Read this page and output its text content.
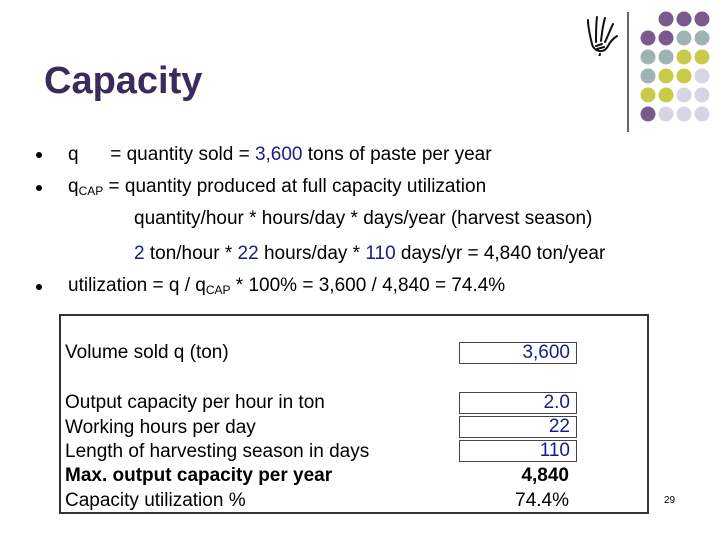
Capacity
q      = quantity sold = 3,600 tons of paste per year
$q_{CAP}$ = quantity produced at full capacity utilization
quantity/hour * hours/day * days/year (harvest season)
2 ton/hour * 22 hours/day * 110 days/yr = 4,840 ton/year
utilization = $q / q_{CAP} * 100\% = 3,600 / 4,840 = 74.4\%$
Volume sold q (ton)	3,600
Output capacity per hour in ton	2.0
Working hours per day	22
Length of harvesting season in days	110
Max. output capacity per year	4,840
Capacity utilization %	74.4%	29
